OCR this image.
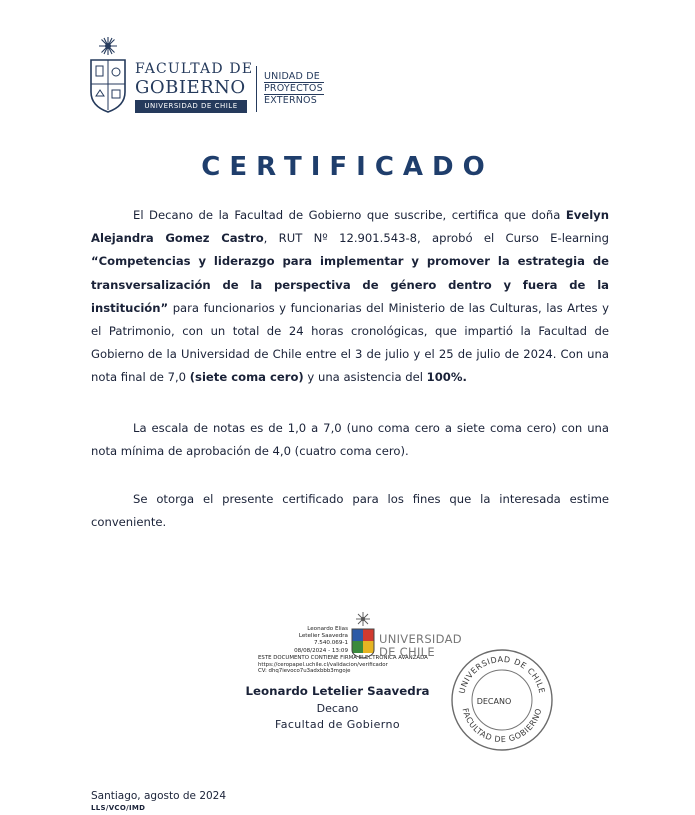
FACULTAD DE
GOBIERNO
UNIVERSIDAD DE CHILE
UNIDAD DE
PROYECTOS
EXTERNOS
CERTIFICADO

El Decano de la Facultad de Gobierno que suscribe, certifica que doña Evelyn Alejandra Gomez Castro, RUT Nº 12.901.543-8, aprobó el Curso E-learning “Competencias y liderazgo para implementar y promover la estrategia de transversalización de la perspectiva de género dentro y fuera de la institución” para funcionarios y funcionarias del Ministerio de las Culturas, las Artes y el Patrimonio, con un total de 24 horas cronológicas, que impartió la Facultad de Gobierno de la Universidad de Chile entre el 3 de julio y el 25 de julio de 2024. Con una nota final de 7,0 (siete coma cero) y una asistencia del 100%.

La escala de notas es de 1,0 a 7,0 (uno coma cero a siete coma cero) con una nota mínima de aprobación de 4,0 (cuatro coma cero).

Se otorga el presente certificado para los fines que la interesada estime conveniente.

Leonardo Elias
Letelier Saavedra
7.540.069-1
08/08/2024 - 13:09
ESTE DOCUMENTO CONTIENE FIRMA ELECTRÓNICA AVANZADA
https://ceropapel.uchile.cl/validacion/verificador
CV: dhq7ievoco7u3adxbbb3mgoje
UNIVERSIDAD
DE CHILE
Leonardo Letelier Saavedra
Decano
Facultad de Gobierno
UNIVERSIDAD DE CHILE
FACULTAD DE GOBIERNO
DECANO
Santiago, agosto de 2024
LLS/VCO/IMD
